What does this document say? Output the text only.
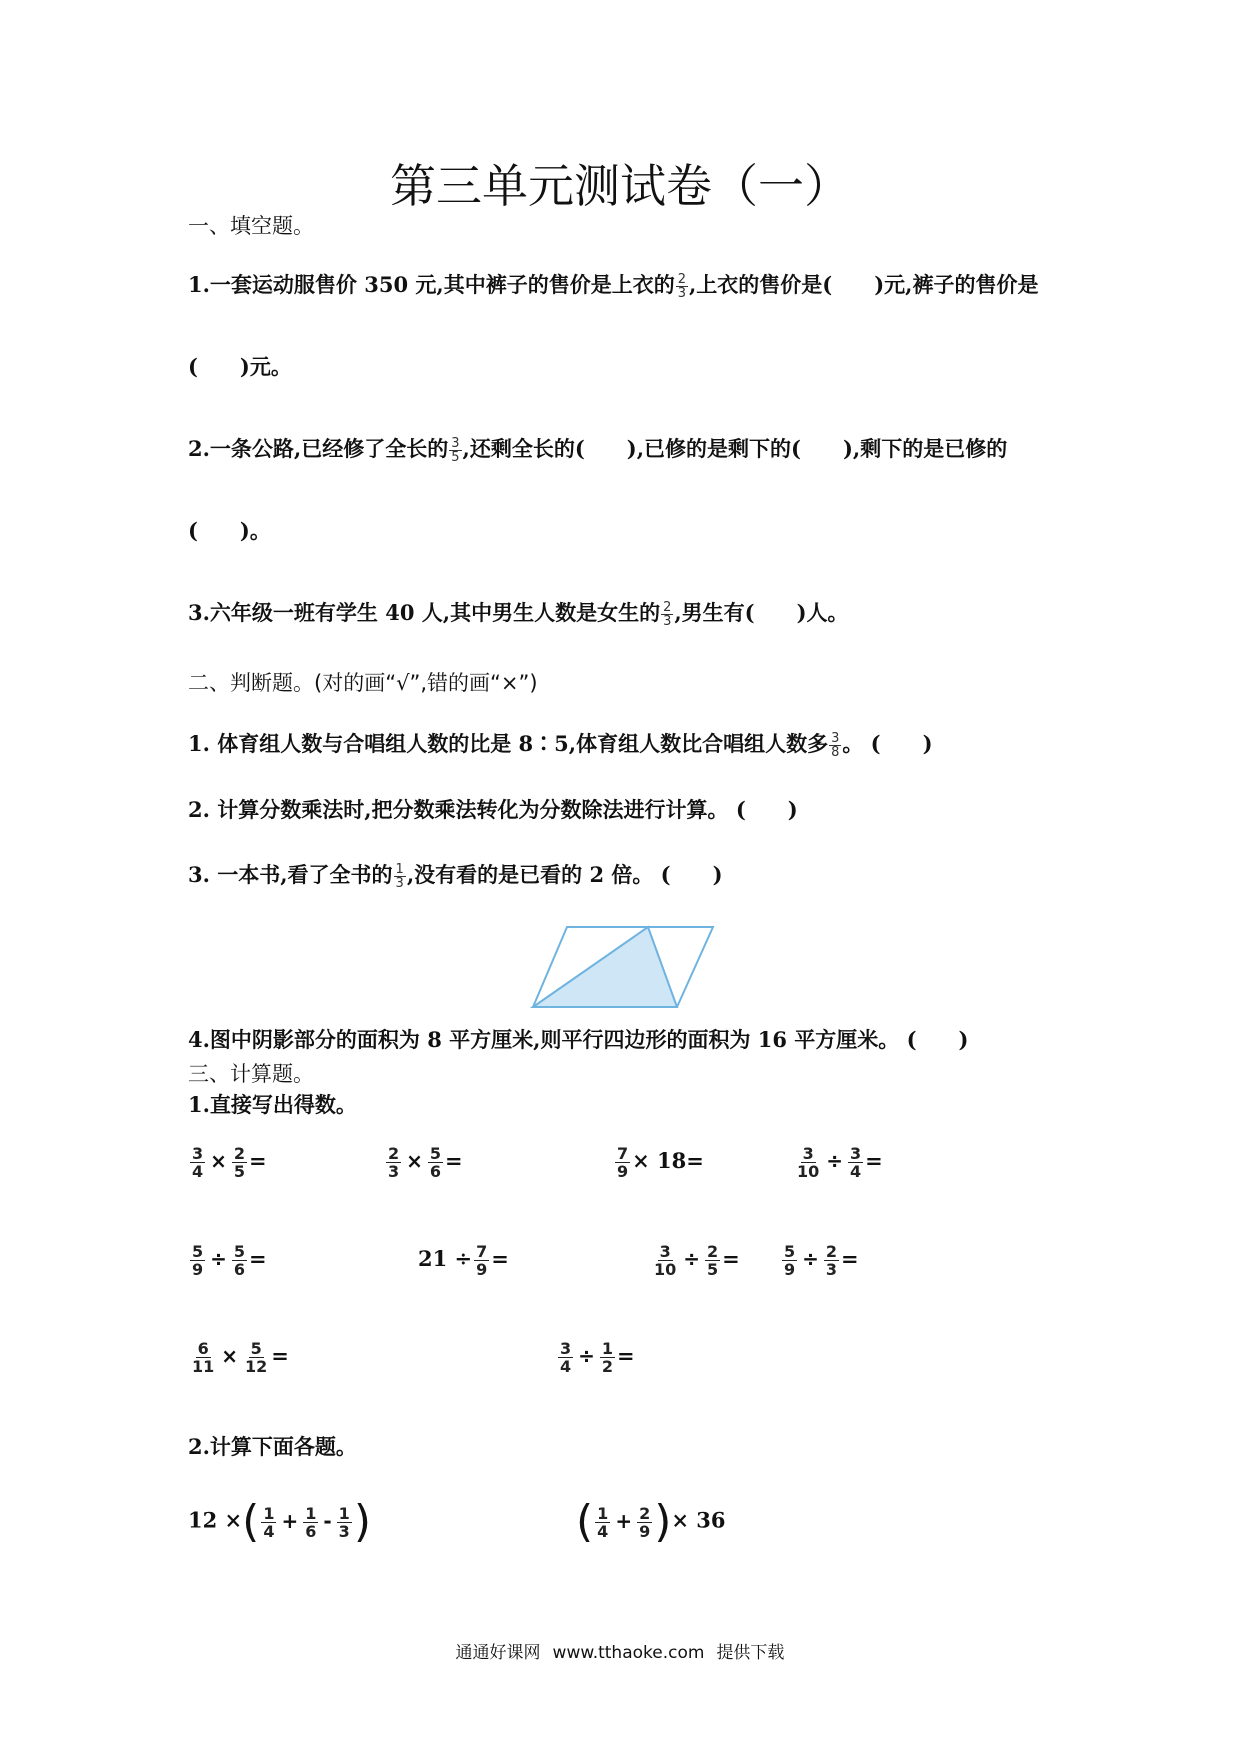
第三单元测试卷（一）
一、填空题。
1.一套运动服售价 350 元,其中裤子的售价是上衣的 $\frac{2}{3}$ ,上衣的售价是(　　)元,裤子的售价是
(　　)元。
2.一条公路,已经修了全长的 $\frac{3}{5}$ ,还剩全长的(　　),已修的是剩下的(　　),剩下的是已修的
(　　)。
3.六年级一班有学生 40 人,其中男生人数是女生的 $\frac{2}{3}$ ,男生有(　　)人。
二、判断题。(对的画“√”,错的画“×”)
1. 体育组人数与合唱组人数的比是 8∶5,体育组人数比合唱组人数多 $\frac{3}{8}$ 。 (　　)
2. 计算分数乘法时,把分数乘法转化为分数除法进行计算。 (　　)
3. 一本书,看了全书的 $\frac{1}{3}$ ,没有看的是已看的 2 倍。 (　　)
4.图中阴影部分的面积为 8 平方厘米,则平行四边形的面积为 16 平方厘米。 (　　)
三、计算题。
1.直接写出得数。
$\frac{3}{4} \times \frac{2}{5}$ =	$\frac{2}{3} \times \frac{5}{6}$ =	$\frac{7}{9} \times 18=$	$\frac{3}{10} \div \frac{3}{4}$ =
$\frac{5}{9} \div \frac{5}{6}$ =	$21 \div \frac{7}{9}$ =	$\frac{3}{10} \div \frac{2}{5}$ =	$\frac{5}{9} \div \frac{2}{3}$ =
$\frac{6}{11} \times \frac{5}{12}$ =	$\frac{3}{4} \div \frac{1}{2}$ =
2.计算下面各题。
12 ×( $\frac{1}{4} + \frac{1}{6} - \frac{1}{3}$ )	( $\frac{1}{4} + \frac{2}{9}$ )× 36
通通好课网 www.tthaoke.com 提供下载
